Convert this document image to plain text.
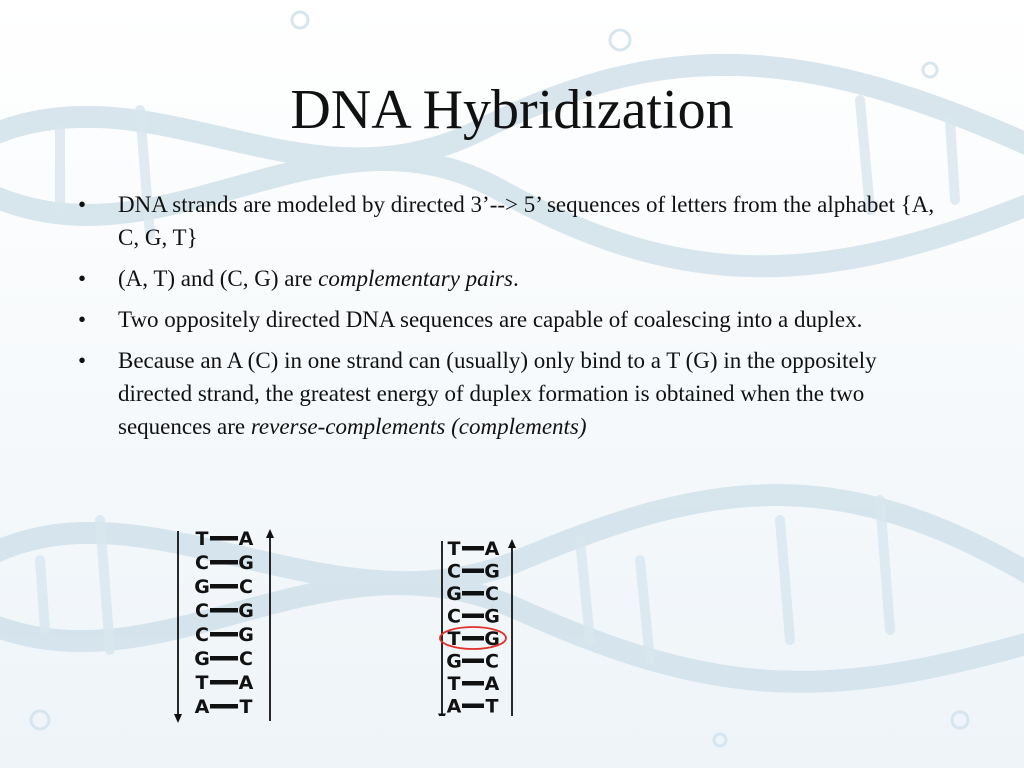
DNA Hybridization
• DNA strands are modeled by directed 3’--> 5’ sequences of letters from the alphabet {A, C, G, T}
• (A, T) and (C, G) are complementary pairs.
• Two oppositely directed DNA sequences are capable of coalescing into a duplex.
• Because an A (C) in one strand can (usually) only bind to a T (G) in the oppositely directed strand, the greatest energy of duplex formation is obtained when the two sequences are reverse-complements (complements)
T A
C G
G C
C G
C G
G C
T A
A T
T A
C G
G C
C G
T G
G C
T A
A T
